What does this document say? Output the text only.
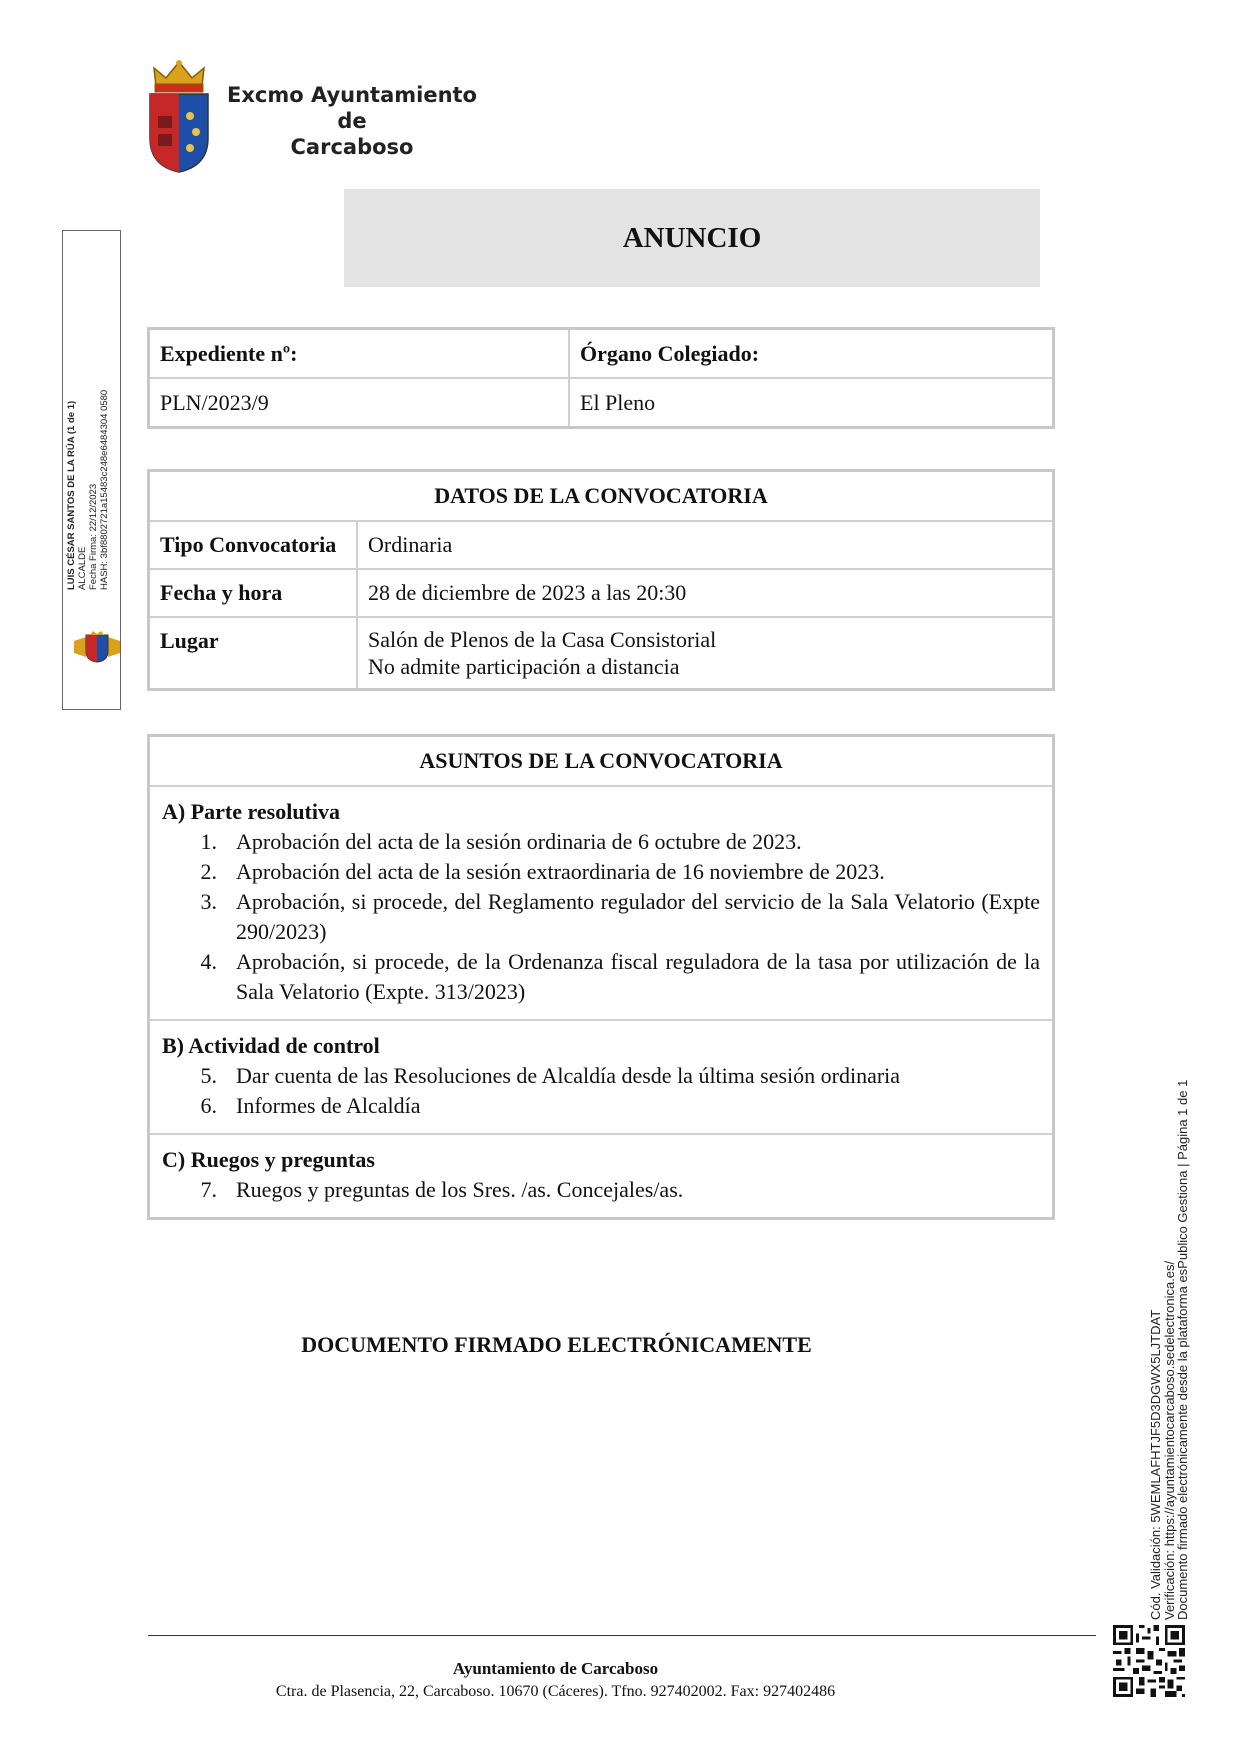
Excmo Ayuntamiento
de
Carcaboso
ANUNCIO
Expediente nº:	Órgano Colegiado:
PLN/2023/9	El Pleno
DATOS DE LA CONVOCATORIA	
Tipo Convocatoria	Ordinaria
Fecha y hora	28 de diciembre de 2023 a las 20:30
Lugar	Salón de Plenos de la Casa Consistorial
No admite participación a distancia
ASUNTOS DE LA CONVOCATORIA

A) Parte resolutiva
1. Aprobación del acta de la sesión ordinaria de 6 octubre de 2023.
2. Aprobación del acta de la sesión extraordinaria de 16 noviembre de 2023.
3. Aprobación, si procede, del Reglamento regulador del servicio de la Sala Velatorio (Expte 290/2023)
4. Aprobación, si procede, de la Ordenanza fiscal reguladora de la tasa por utilización de la Sala Velatorio (Expte. 313/2023)

B) Actividad de control
5. Dar cuenta de las Resoluciones de Alcaldía desde la última sesión ordinaria
6. Informes de Alcaldía

C) Ruegos y preguntas
7. Ruegos y preguntas de los Sres. /as. Concejales/as.
DOCUMENTO FIRMADO ELECTRÓNICAMENTE
Ayuntamiento de Carcaboso
Ctra. de Plasencia, 22, Carcaboso. 10670 (Cáceres). Tfno. 927402002. Fax: 927402486
LUIS CÉSAR SANTOS DE LA RÚA (1 de 1) ALCALDE Fecha Firma: 22/12/2023 HASH: 3bf8802721a15483c248e6484304 0580
Cód. Validación: 5WEMLAFHTJF5D3DGWX5LJTDAT
Verificación: https://ayuntamientocarcaboso.sedelectronica.es/
Documento firmado electrónicamente desde la plataforma esPublico Gestiona | Página 1 de 1
